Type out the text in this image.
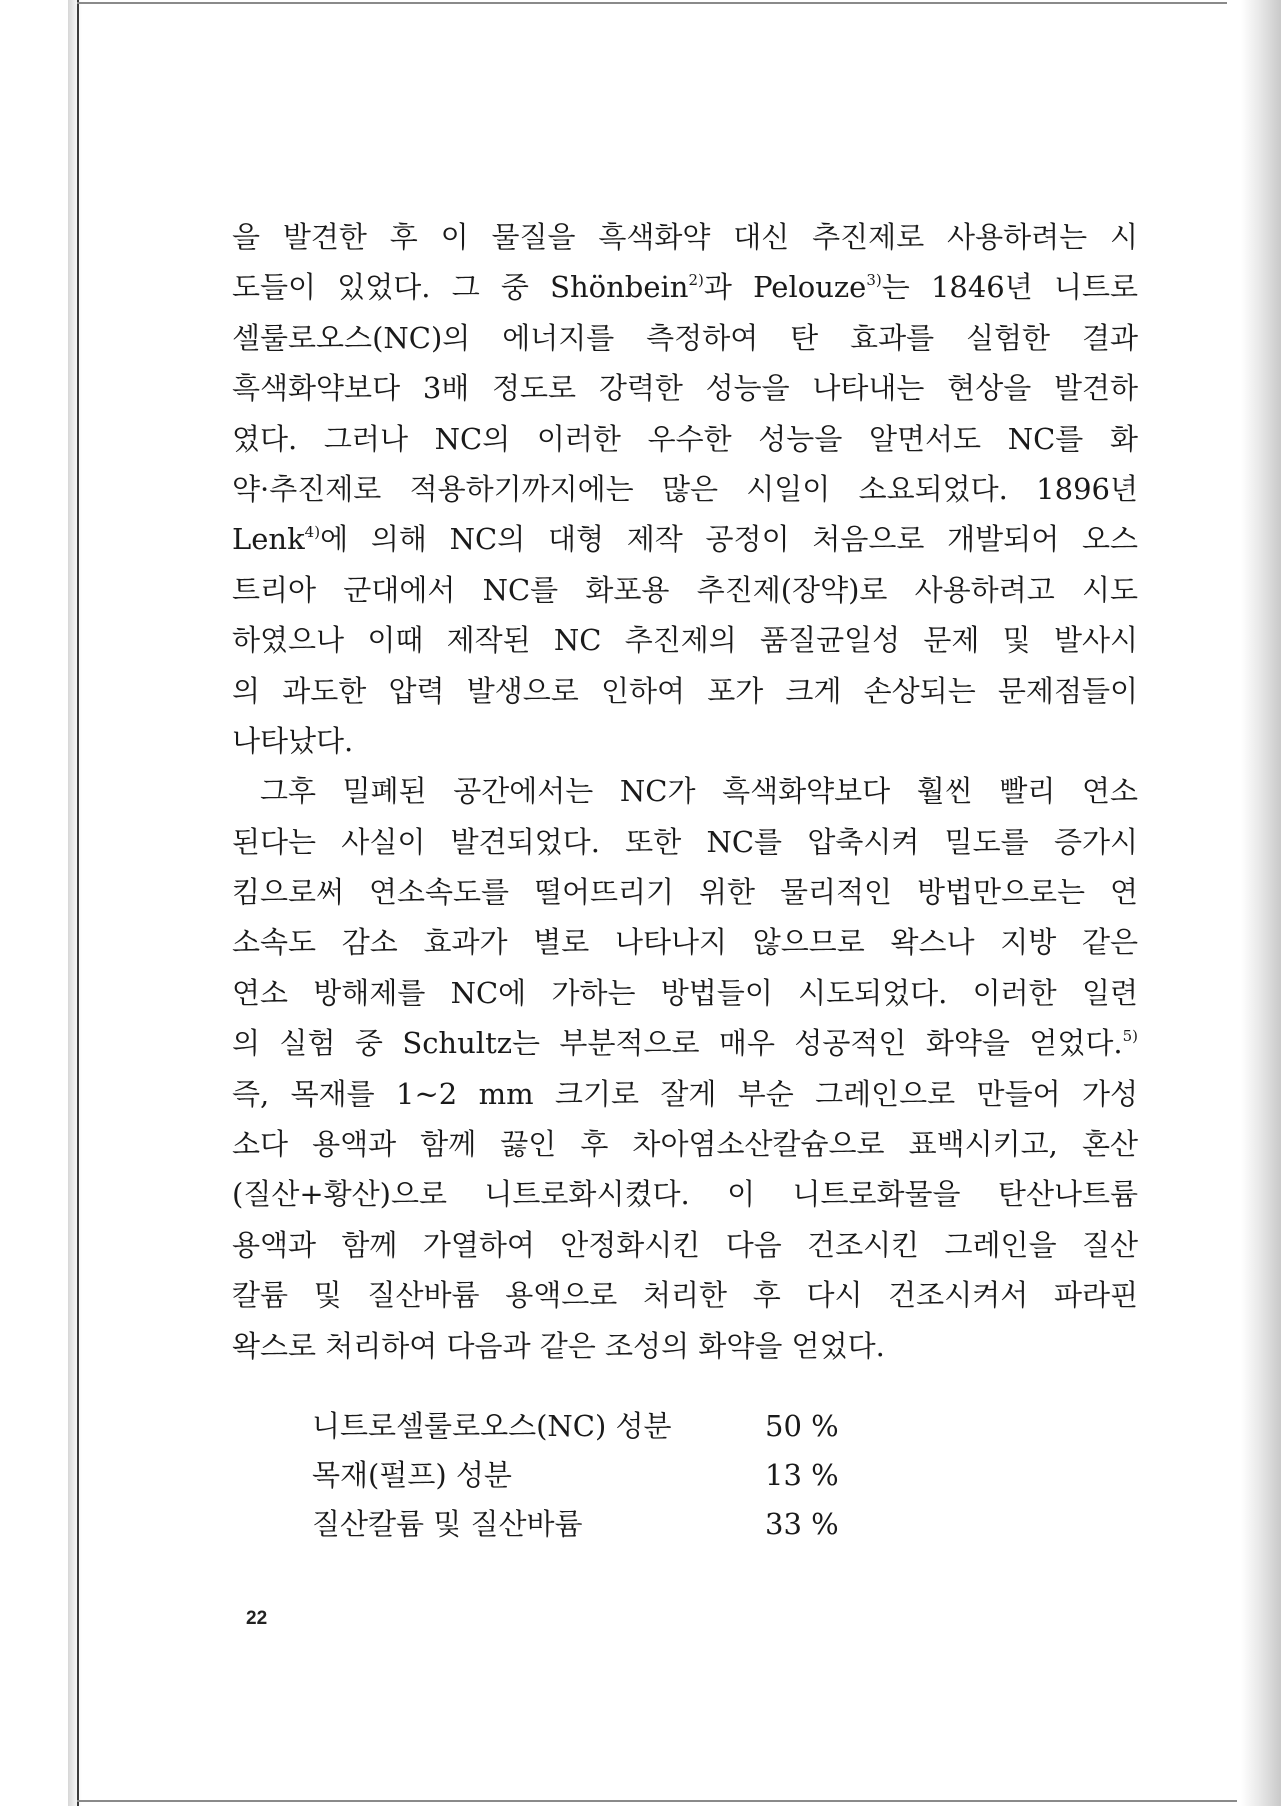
을 발견한 후 이 물질을 흑색화약 대신 추진제로 사용하려는 시
도들이 있었다. 그 중 Shönbein$^{2)}$과 Pelouze$^{3)}$는 1846년 니트로
셀룰로오스(NC)의 에너지를 측정하여 탄 효과를 실험한 결과
흑색화약보다 3배 정도로 강력한 성능을 나타내는 현상을 발견하
였다. 그러나 NC의 이러한 우수한 성능을 알면서도 NC를 화
약·추진제로 적용하기까지에는 많은 시일이 소요되었다. 1896년
Lenk$^{4)}$에 의해 NC의 대형 제작 공정이 처음으로 개발되어 오스
트리아 군대에서 NC를 화포용 추진제(장약)로 사용하려고 시도
하였으나 이때 제작된 NC 추진제의 품질균일성 문제 및 발사시
의 과도한 압력 발생으로 인하여 포가 크게 손상되는 문제점들이
나타났다.
그후 밀폐된 공간에서는 NC가 흑색화약보다 훨씬 빨리 연소
된다는 사실이 발견되었다. 또한 NC를 압축시켜 밀도를 증가시
킴으로써 연소속도를 떨어뜨리기 위한 물리적인 방법만으로는 연
소속도 감소 효과가 별로 나타나지 않으므로 왁스나 지방 같은
연소 방해제를 NC에 가하는 방법들이 시도되었다. 이러한 일련
의 실험 중 Schultz는 부분적으로 매우 성공적인 화약을 얻었다.$^{5)}$
즉, 목재를 1~2 mm 크기로 잘게 부순 그레인으로 만들어 가성
소다 용액과 함께 끓인 후 차아염소산칼슘으로 표백시키고, 혼산
(질산+황산)으로 니트로화시켰다. 이 니트로화물을 탄산나트륨
용액과 함께 가열하여 안정화시킨 다음 건조시킨 그레인을 질산
칼륨 및 질산바륨 용액으로 처리한 후 다시 건조시켜서 파라핀
왁스로 처리하여 다음과 같은 조성의 화약을 얻었다.
니트로셀룰로오스(NC) 성분	50 %
목재(펄프) 성분	13 %
질산칼륨 및 질산바륨	33 %
22
